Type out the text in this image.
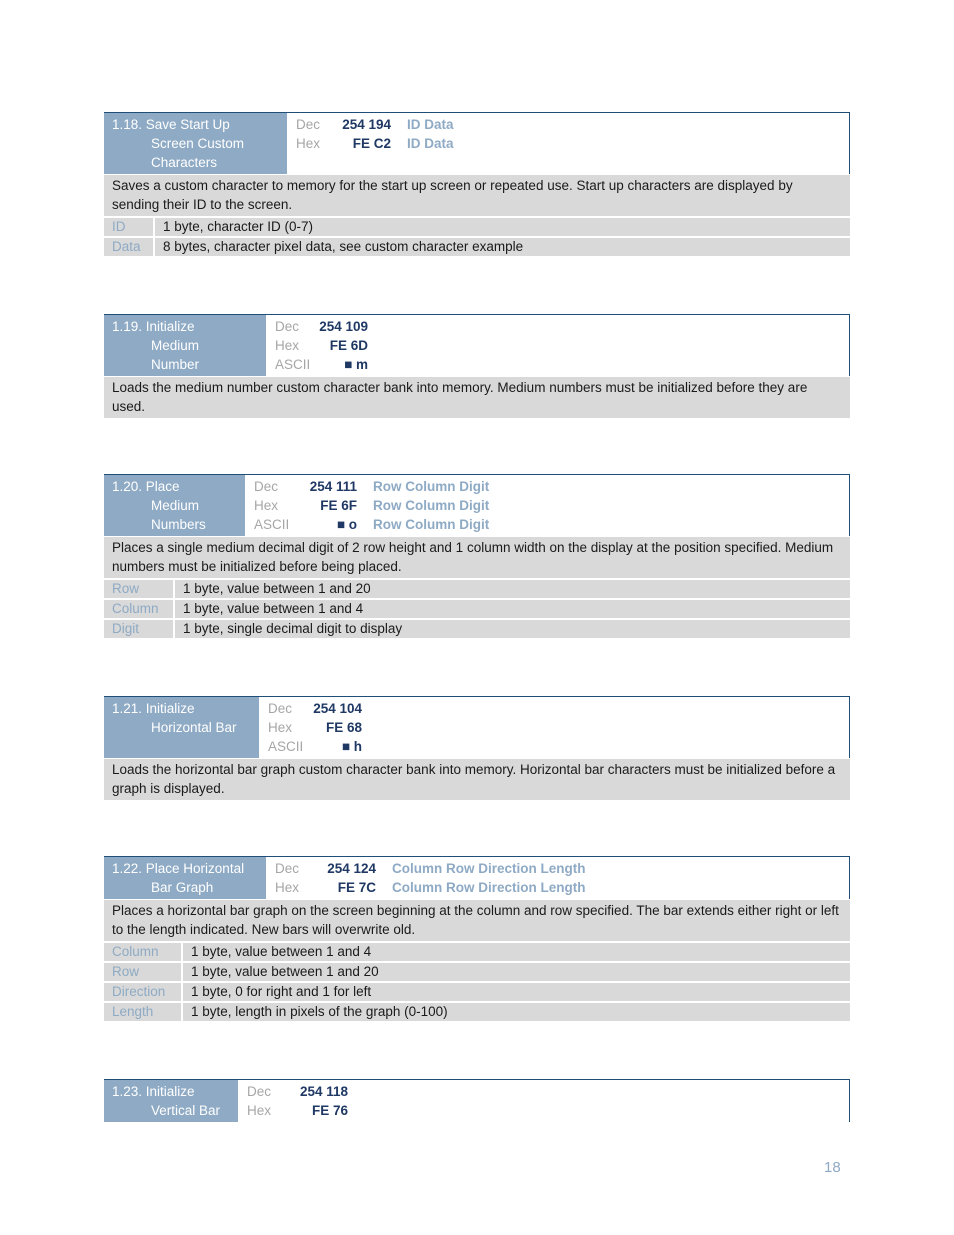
1.18. Save Start Up
Screen Custom
Characters
Dec	254 194	ID Data
Hex	FE C2	ID Data
Saves a custom character to memory for the start up screen or repeated use. Start up characters are displayed by sending their ID to the screen.
ID	1 byte, character ID (0-7)
Data	8 bytes, character pixel data, see custom character example
1.19. Initialize
Medium
Number
Dec	254 109
Hex	FE 6D
ASCII	■ m
Loads the medium number custom character bank into memory. Medium numbers must be initialized before they are used.
1.20. Place
Medium
Numbers
Dec	254 111	Row Column Digit
Hex	FE 6F	Row Column Digit
ASCII	■ o	Row Column Digit
Places a single medium decimal digit of 2 row height and 1 column width on the display at the position specified. Medium numbers must be initialized before being placed.
Row	1 byte, value between 1 and 20
Column	1 byte, value between 1 and 4
Digit	1 byte, single decimal digit to display
1.21. Initialize
Horizontal Bar
Dec	254 104
Hex	FE 68
ASCII	■ h
Loads the horizontal bar graph custom character bank into memory. Horizontal bar characters must be initialized before a graph is displayed.
1.22. Place Horizontal
Bar Graph
Dec	254 124	Column Row Direction Length
Hex	FE 7C	Column Row Direction Length
Places a horizontal bar graph on the screen beginning at the column and row specified. The bar extends either right or left to the length indicated. New bars will overwrite old.
Column	1 byte, value between 1 and 4
Row	1 byte, value between 1 and 20
Direction	1 byte, 0 for right and 1 for left
Length	1 byte, length in pixels of the graph (0-100)
1.23. Initialize
Vertical Bar
Dec	254 118
Hex	FE 76
18
